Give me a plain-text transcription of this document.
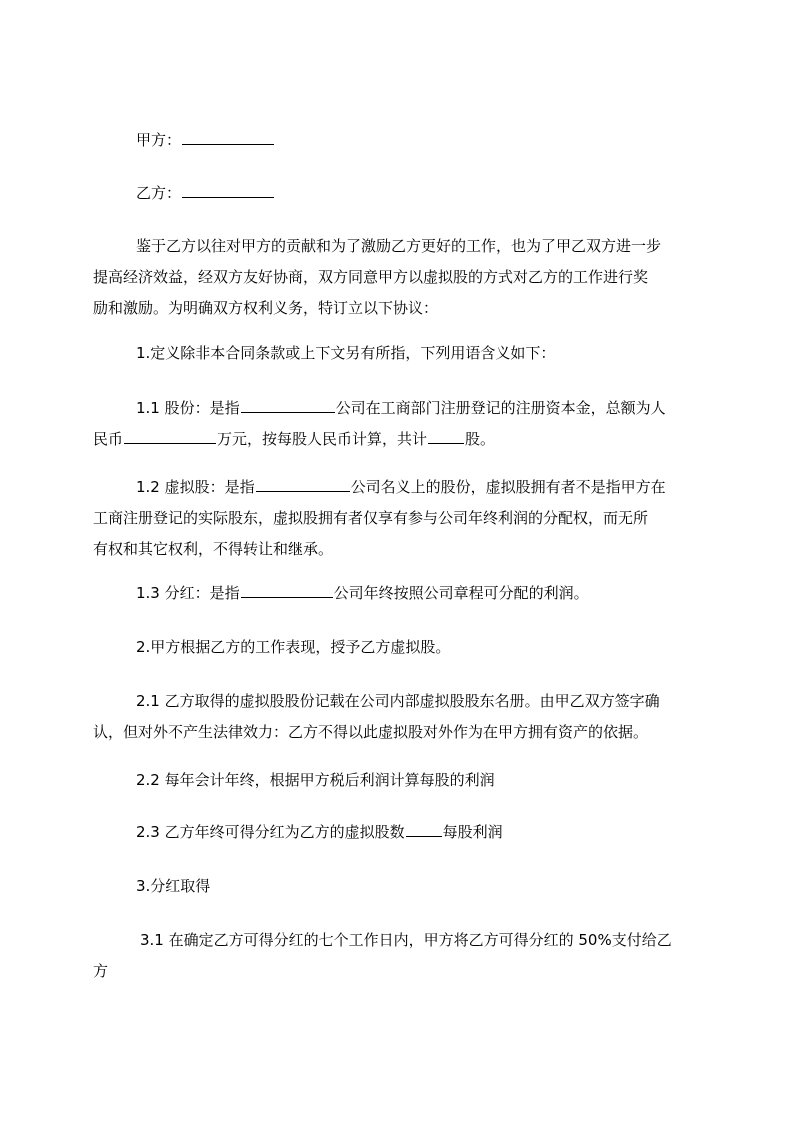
甲方：
乙方：
鉴于乙方以往对甲方的贡献和为了激励乙方更好的工作，也为了甲乙双方进一步
提高经济效益，经双方友好协商，双方同意甲方以虚拟股的方式对乙方的工作进行奖
励和激励。为明确双方权利义务，特订立以下协议：
1.定义除非本合同条款或上下文另有所指，下列用语含义如下：
1.1 股份：是指	公司在工商部门注册登记的注册资本金，总额为人
民币	万元，按每股人民币计算，共计	股。
1.2 虚拟股：是指	公司名义上的股份，虚拟股拥有者不是指甲方在
工商注册登记的实际股东，虚拟股拥有者仅享有参与公司年终利润的分配权，而无所
有权和其它权利，不得转让和继承。
1.3 分红：是指	公司年终按照公司章程可分配的利润。
2.甲方根据乙方的工作表现，授予乙方虚拟股。
2.1 乙方取得的虚拟股股份记载在公司内部虚拟股股东名册。由甲乙双方签字确
认，但对外不产生法律效力：乙方不得以此虚拟股对外作为在甲方拥有资产的依据。
2.2 每年会计年终，根据甲方税后利润计算每股的利润
2.3 乙方年终可得分红为乙方的虚拟股数	每股利润
3.分红取得
3.1 在确定乙方可得分红的七个工作日内，甲方将乙方可得分红的 50%支付给乙
方
